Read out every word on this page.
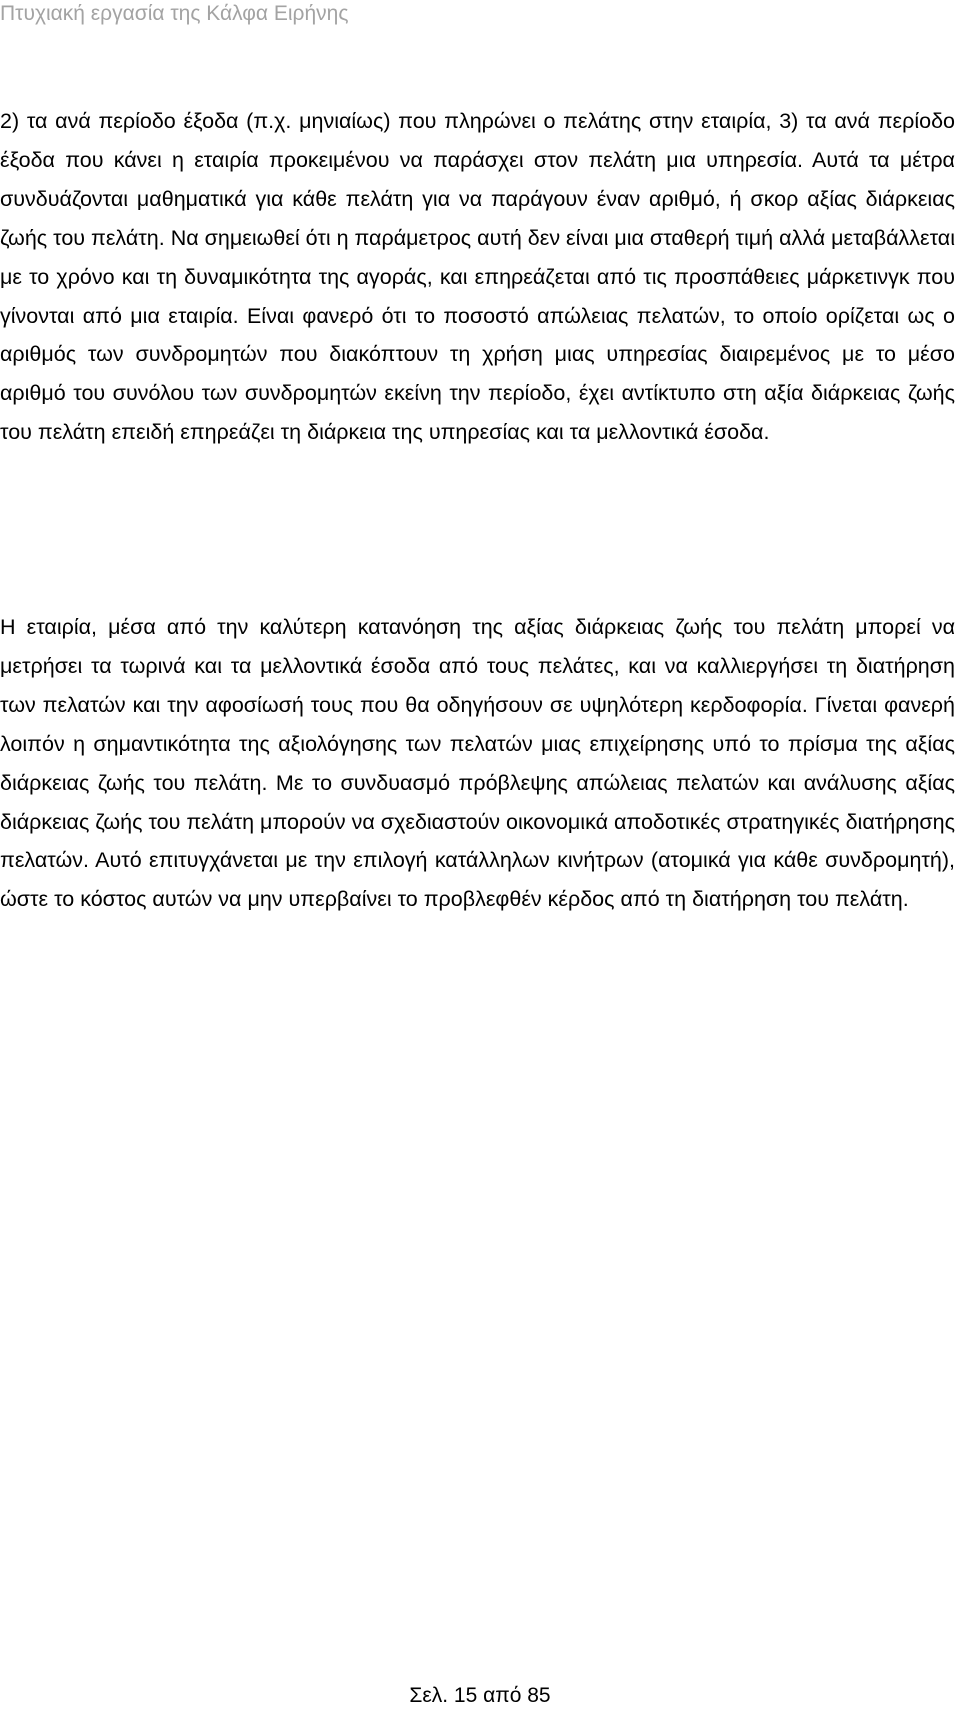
Πτυχιακή εργασία της Κάλφα Ειρήνης

2) τα ανά περίοδο έξοδα (π.χ. μηνιαίως) που πληρώνει ο πελάτης στην εταιρία, 3) τα ανά περίοδο έξοδα που κάνει η εταιρία προκειμένου να παράσχει στον πελάτη μια υπηρεσία. Αυτά τα μέτρα συνδυάζονται μαθηματικά για κάθε πελάτη για να παράγουν έναν αριθμό, ή σκορ αξίας διάρκειας ζωής του πελάτη. Να σημειωθεί ότι η παράμετρος αυτή δεν είναι μια σταθερή τιμή αλλά μεταβάλλεται με το χρόνο και τη δυναμικότητα της αγοράς, και επηρεάζεται από τις προσπάθειες μάρκετινγκ που γίνονται από μια εταιρία. Είναι φανερό ότι το ποσοστό απώλειας πελατών, το οποίο ορίζεται ως ο αριθμός των συνδρομητών που διακόπτουν τη χρήση μιας υπηρεσίας διαιρεμένος με το μέσο αριθμό του συνόλου των συνδρομητών εκείνη την περίοδο, έχει αντίκτυπο στη αξία διάρκειας ζωής του πελάτη επειδή επηρεάζει τη διάρκεια της υπηρεσίας και τα μελλοντικά έσοδα.

Η εταιρία, μέσα από την καλύτερη κατανόηση της αξίας διάρκειας ζωής του πελάτη μπορεί να μετρήσει τα τωρινά και τα μελλοντικά έσοδα από τους πελάτες, και να καλλιεργήσει τη διατήρηση των πελατών και την αφοσίωσή τους που θα οδηγήσουν σε υψηλότερη κερδοφορία. Γίνεται φανερή λοιπόν η σημαντικότητα της αξιολόγησης των πελατών μιας επιχείρησης υπό το πρίσμα της αξίας διάρκειας ζωής του πελάτη. Με το συνδυασμό πρόβλεψης απώλειας πελατών και ανάλυσης αξίας διάρκειας ζωής του πελάτη μπορούν να σχεδιαστούν οικονομικά αποδοτικές στρατηγικές διατήρησης πελατών. Αυτό επιτυγχάνεται με την επιλογή κατάλληλων κινήτρων (ατομικά για κάθε συνδρομητή), ώστε το κόστος αυτών να μην υπερβαίνει το προβλεφθέν κέρδος από τη διατήρηση του πελάτη.

Σελ. 15 από 85
